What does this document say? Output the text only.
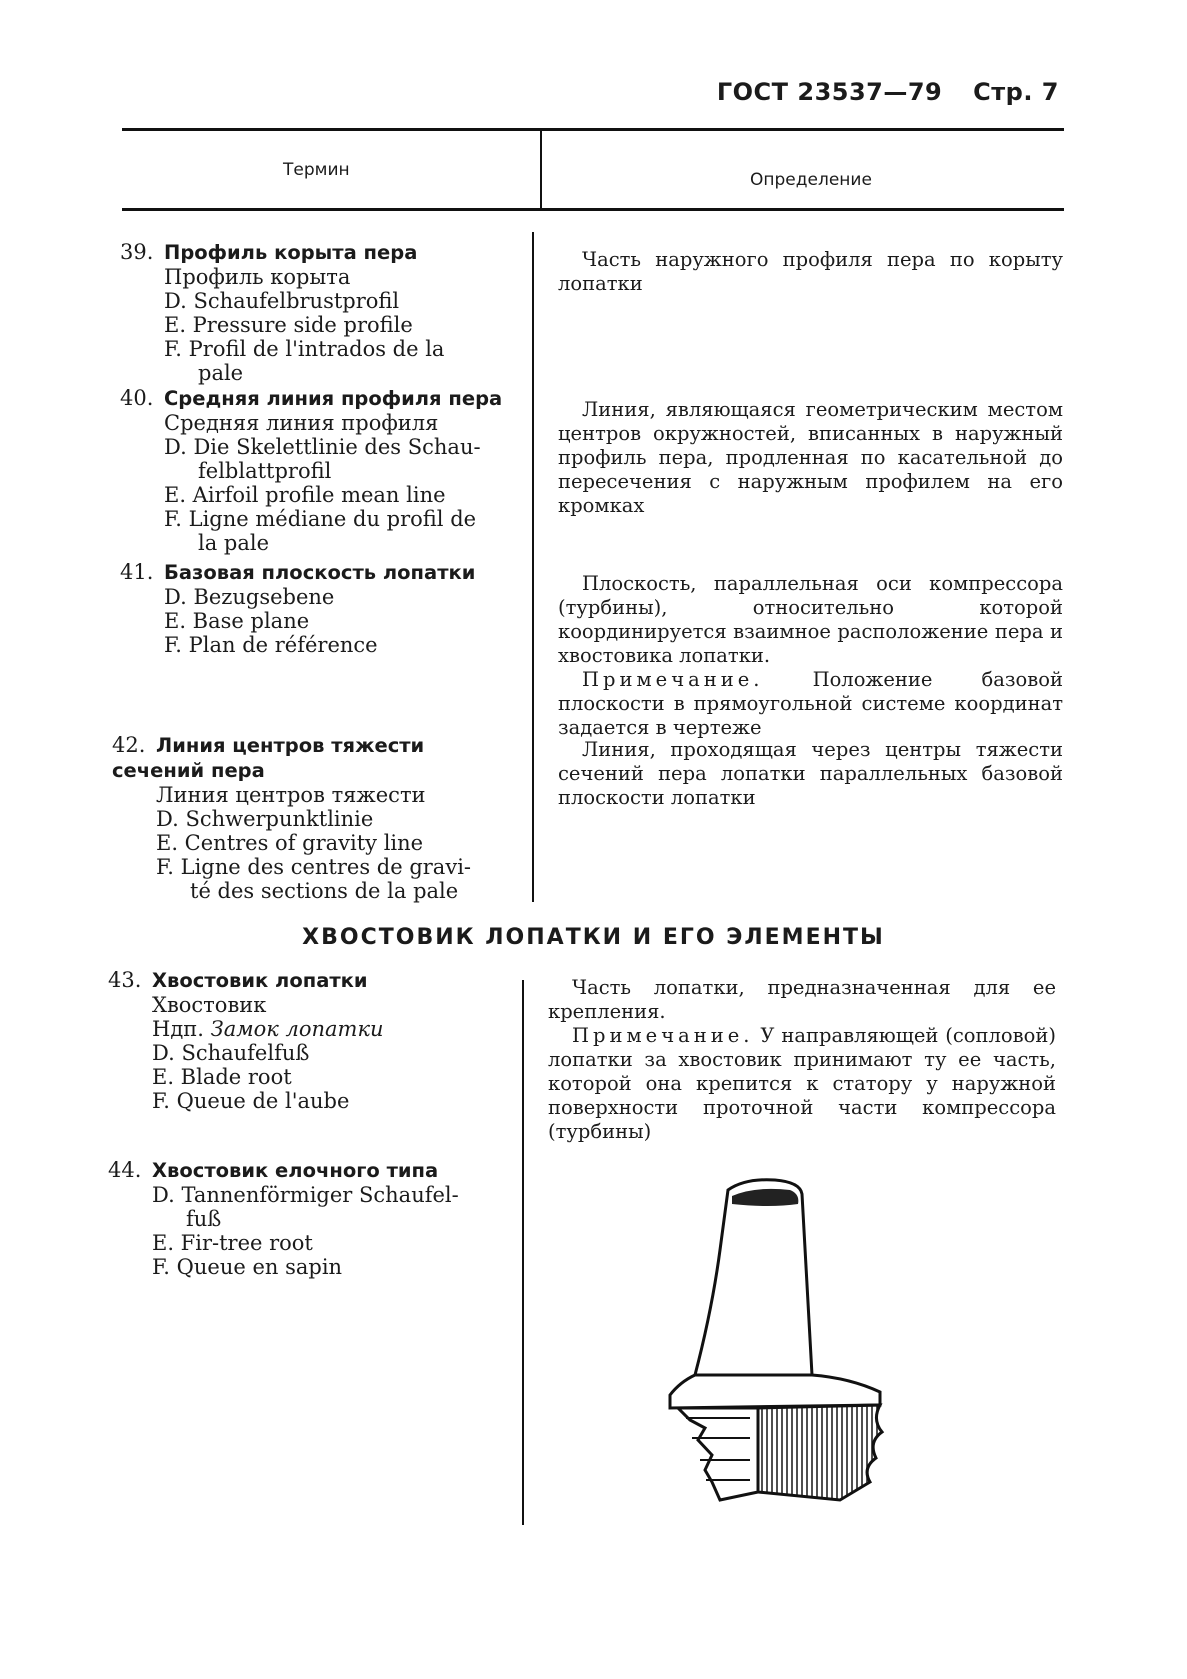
ГОСТ 23537—79 Стр. 7
Термин	Определение
39. Профиль корыта пера
Профиль корыта
D. Schaufelbrustprofil
E. Pressure side profile
F. Profil de l'intrados de la
pale
Часть наружного профиля пера по корыту лопатки
40. Средняя линия профиля пера
Средняя линия профиля
D. Die Skelettlinie des Schau-
felblattprofil
E. Airfoil profile mean line
F. Ligne médiane du profil de
la pale
Линия, являющаяся геометрическим местом центров окружностей, вписанных в наружный профиль пера, продленная по касательной до пересечения с наружным профилем на его кромках
41. Базовая плоскость лопатки
D. Bezugsebene
E. Base plane
F. Plan de référence
Плоскость, параллельная оси компрессора (турбины), относительно которой координируется взаимное расположение пера и хвостовика лопатки.
Примечание.	Положение базовой плоскости в прямоугольной системе координат задается в чертеже
42. Линия центров тяжести сечений пера
Линия центров тяжести
D. Schwerpunktlinie
E. Centres of gravity line
F. Ligne des centres de gravi-
té des sections de la pale
Линия, проходящая через центры тяжести сечений пера лопатки параллельных базовой плоскости лопатки
ХВОСТОВИК ЛОПАТКИ И ЕГО ЭЛЕМЕНТЫ
43. Хвостовик лопатки
Хвостовик
Ндп. Замок лопатки
D. Schaufelfuß
E. Blade root
F. Queue de l'aube
Часть лопатки, предназначенная для ее крепления.
Примечание. У направляющей (сопловой) лопатки за хвостовик принимают ту ее часть, которой она крепится к статору у наружной поверхности проточной части компрессора (турбины)
44. Хвостовик елочного типа
D. Tannenförmiger Schaufel-
fuß
E. Fir-tree root
F. Queue en sapin
